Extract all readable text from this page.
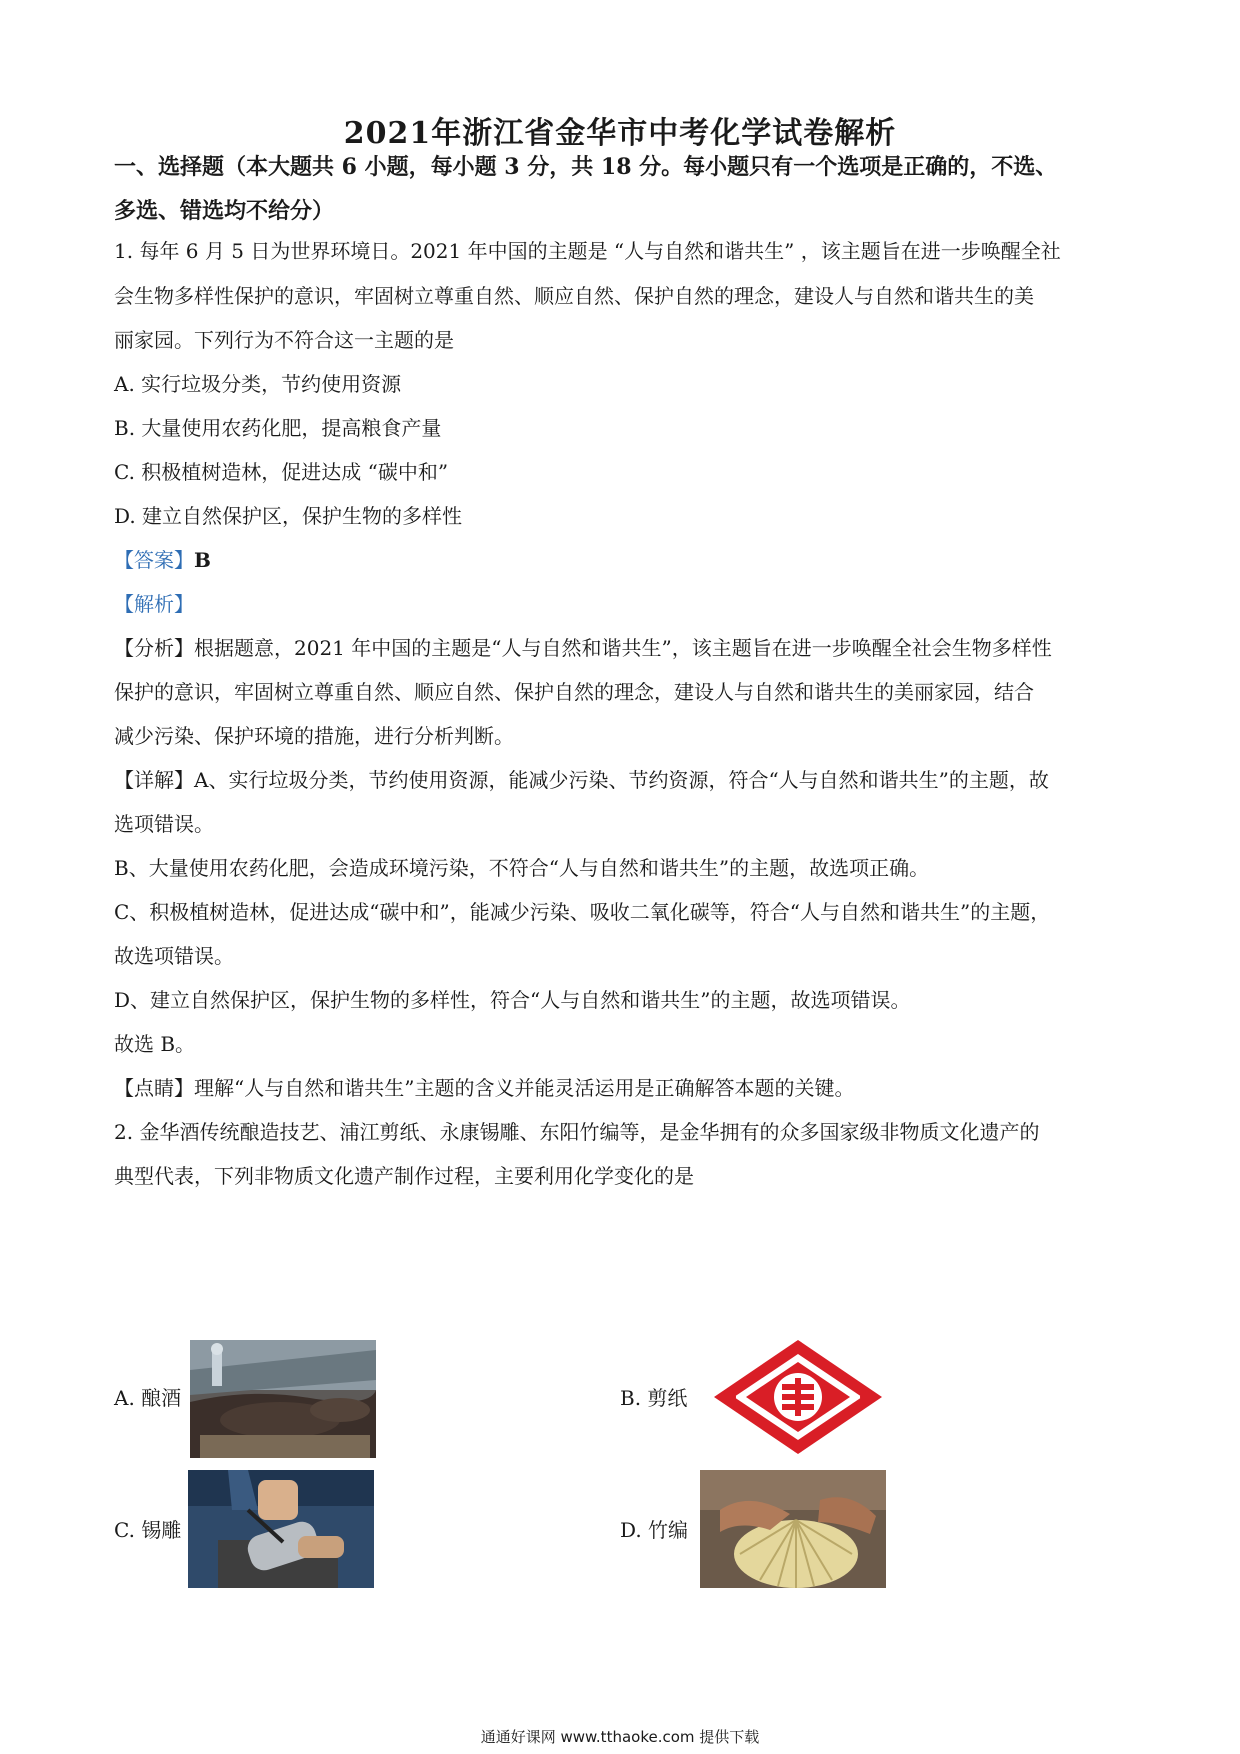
2021年浙江省金华市中考化学试卷解析
一、选择题（本大题共 6 小题，每小题 3 分，共 18 分。每小题只有一个选项是正确的，不选、
多选、错选均不给分）
1. 每年 6 月 5 日为世界环境日。2021 年中国的主题是 “人与自然和谐共生” ，该主题旨在进一步唤醒全社
会生物多样性保护的意识，牢固树立尊重自然、顺应自然、保护自然的理念，建设人与自然和谐共生的美
丽家园。下列行为不符合这一主题的是
A. 实行垃圾分类，节约使用资源
B. 大量使用农药化肥，提高粮食产量
C. 积极植树造林，促进达成 “碳中和”
D. 建立自然保护区，保护生物的多样性
【答案】B
【解析】
【分析】根据题意，2021 年中国的主题是“人与自然和谐共生”，该主题旨在进一步唤醒全社会生物多样性
保护的意识，牢固树立尊重自然、顺应自然、保护自然的理念，建设人与自然和谐共生的美丽家园，结合
减少污染、保护环境的措施，进行分析判断。
【详解】A、实行垃圾分类，节约使用资源，能减少污染、节约资源，符合“人与自然和谐共生”的主题，故
选项错误。
B、大量使用农药化肥，会造成环境污染，不符合“人与自然和谐共生”的主题，故选项正确。
C、积极植树造林，促进达成“碳中和”，能减少污染、吸收二氧化碳等，符合“人与自然和谐共生”的主题，
故选项错误。
D、建立自然保护区，保护生物的多样性，符合“人与自然和谐共生”的主题，故选项错误。
故选 B。
【点睛】理解“人与自然和谐共生”主题的含义并能灵活运用是正确解答本题的关键。
2. 金华酒传统酿造技艺、浦江剪纸、永康锡雕、东阳竹编等，是金华拥有的众多国家级非物质文化遗产的
典型代表，下列非物质文化遗产制作过程，主要利用化学变化的是
A. 酿酒	B. 剪纸
C. 锡雕	D. 竹编
通通好课网 www.tthaoke.com 提供下载
